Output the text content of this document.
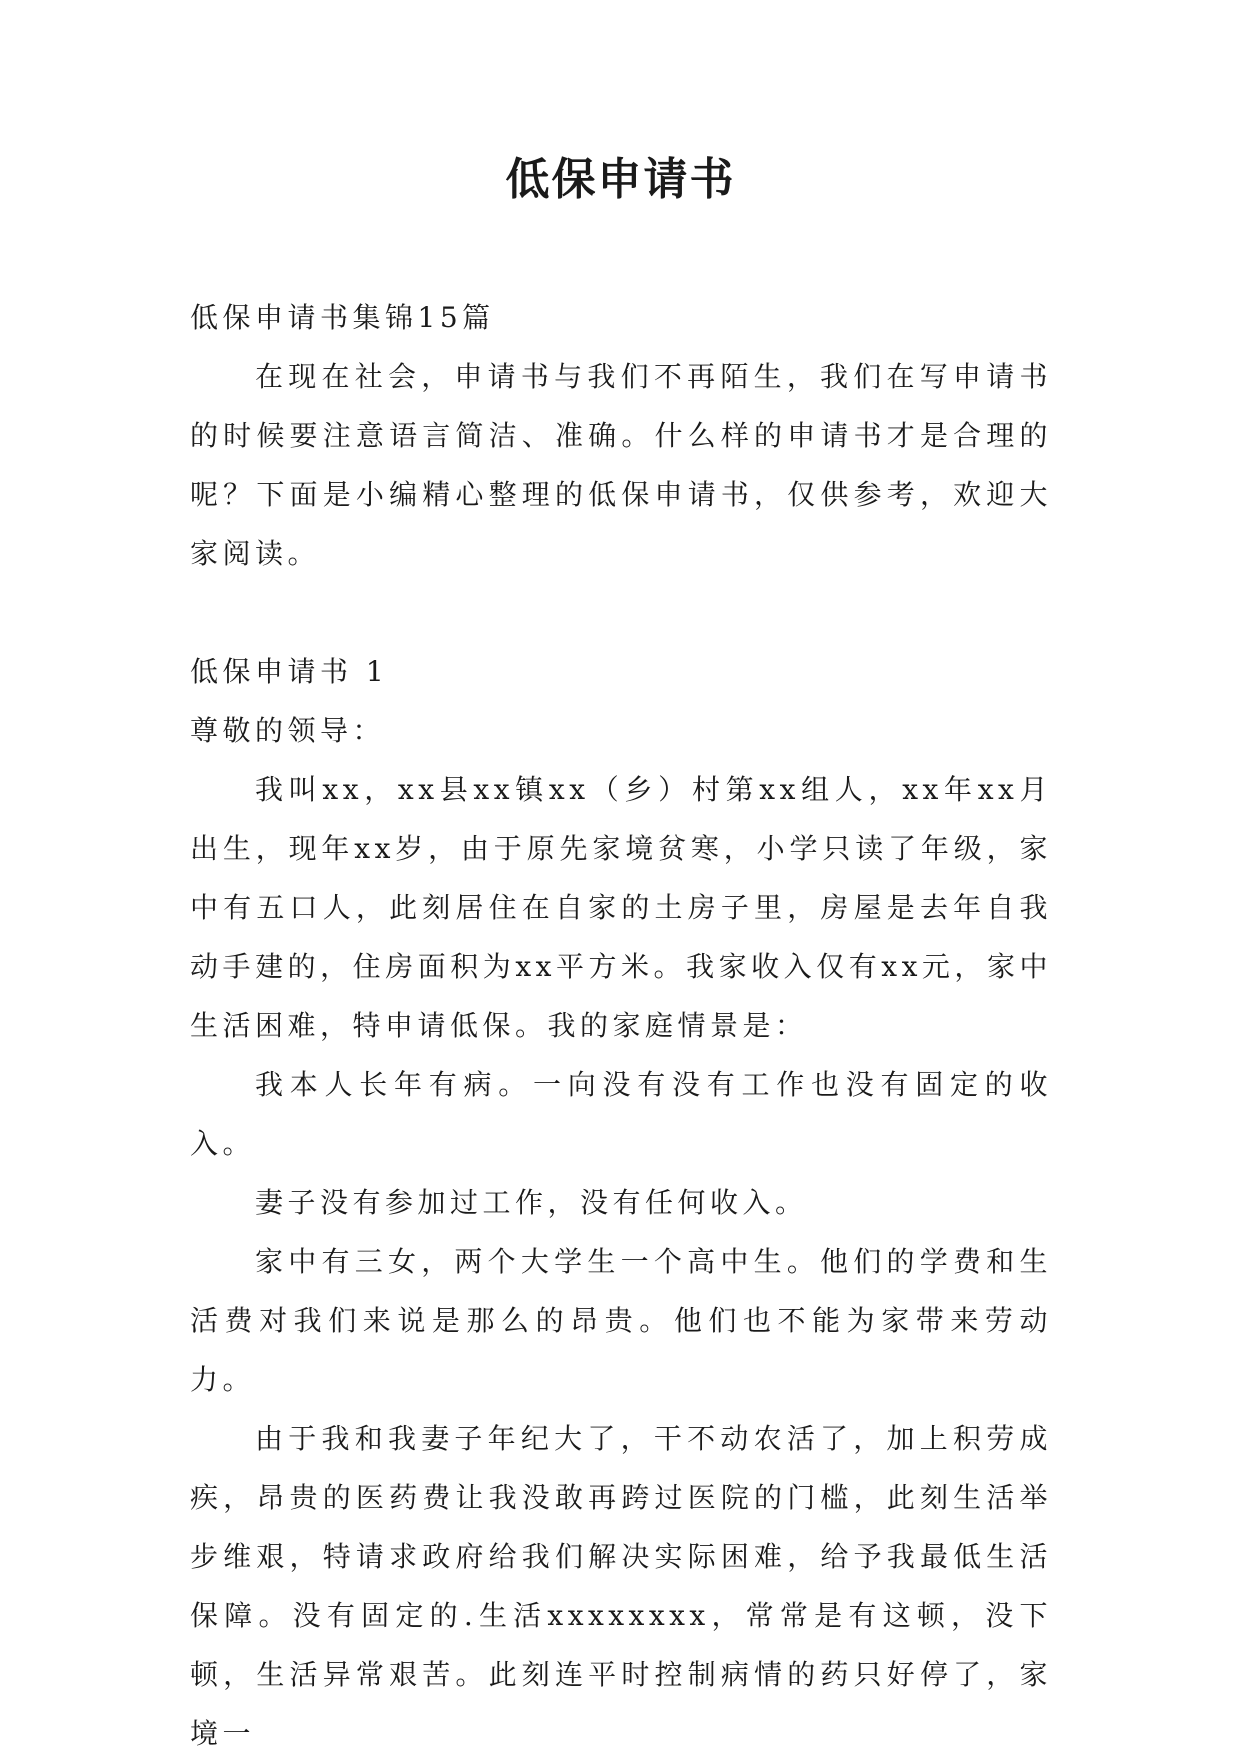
低保申请书

低保申请书集锦15篇

在现在社会，申请书与我们不再陌生，我们在写申请书的时候要注意语言简洁、准确。什么样的申请书才是合理的呢？下面是小编精心整理的低保申请书，仅供参考，欢迎大家阅读。

低保申请书 1

尊敬的领导：

我叫xx，xx县xx镇xx（乡）村第xx组人，xx年xx月出生，现年xx岁，由于原先家境贫寒，小学只读了年级，家中有五口人，此刻居住在自家的土房子里，房屋是去年自我动手建的，住房面积为xx平方米。我家收入仅有xx元，家中生活困难，特申请低保。我的家庭情景是：

我本人长年有病。一向没有没有工作也没有固定的收入。

妻子没有参加过工作，没有任何收入。

家中有三女，两个大学生一个高中生。他们的学费和生活费对我们来说是那么的昂贵。他们也不能为家带来劳动力。

由于我和我妻子年纪大了，干不动农活了，加上积劳成疾，昂贵的医药费让我没敢再跨过医院的门槛，此刻生活举步维艰，特请求政府给我们解决实际困难，给予我最低生活保障。没有固定的.生活xxxxxxxx，常常是有这顿，没下顿，生活异常艰苦。此刻连平时控制病情的药只好停了，家境一
